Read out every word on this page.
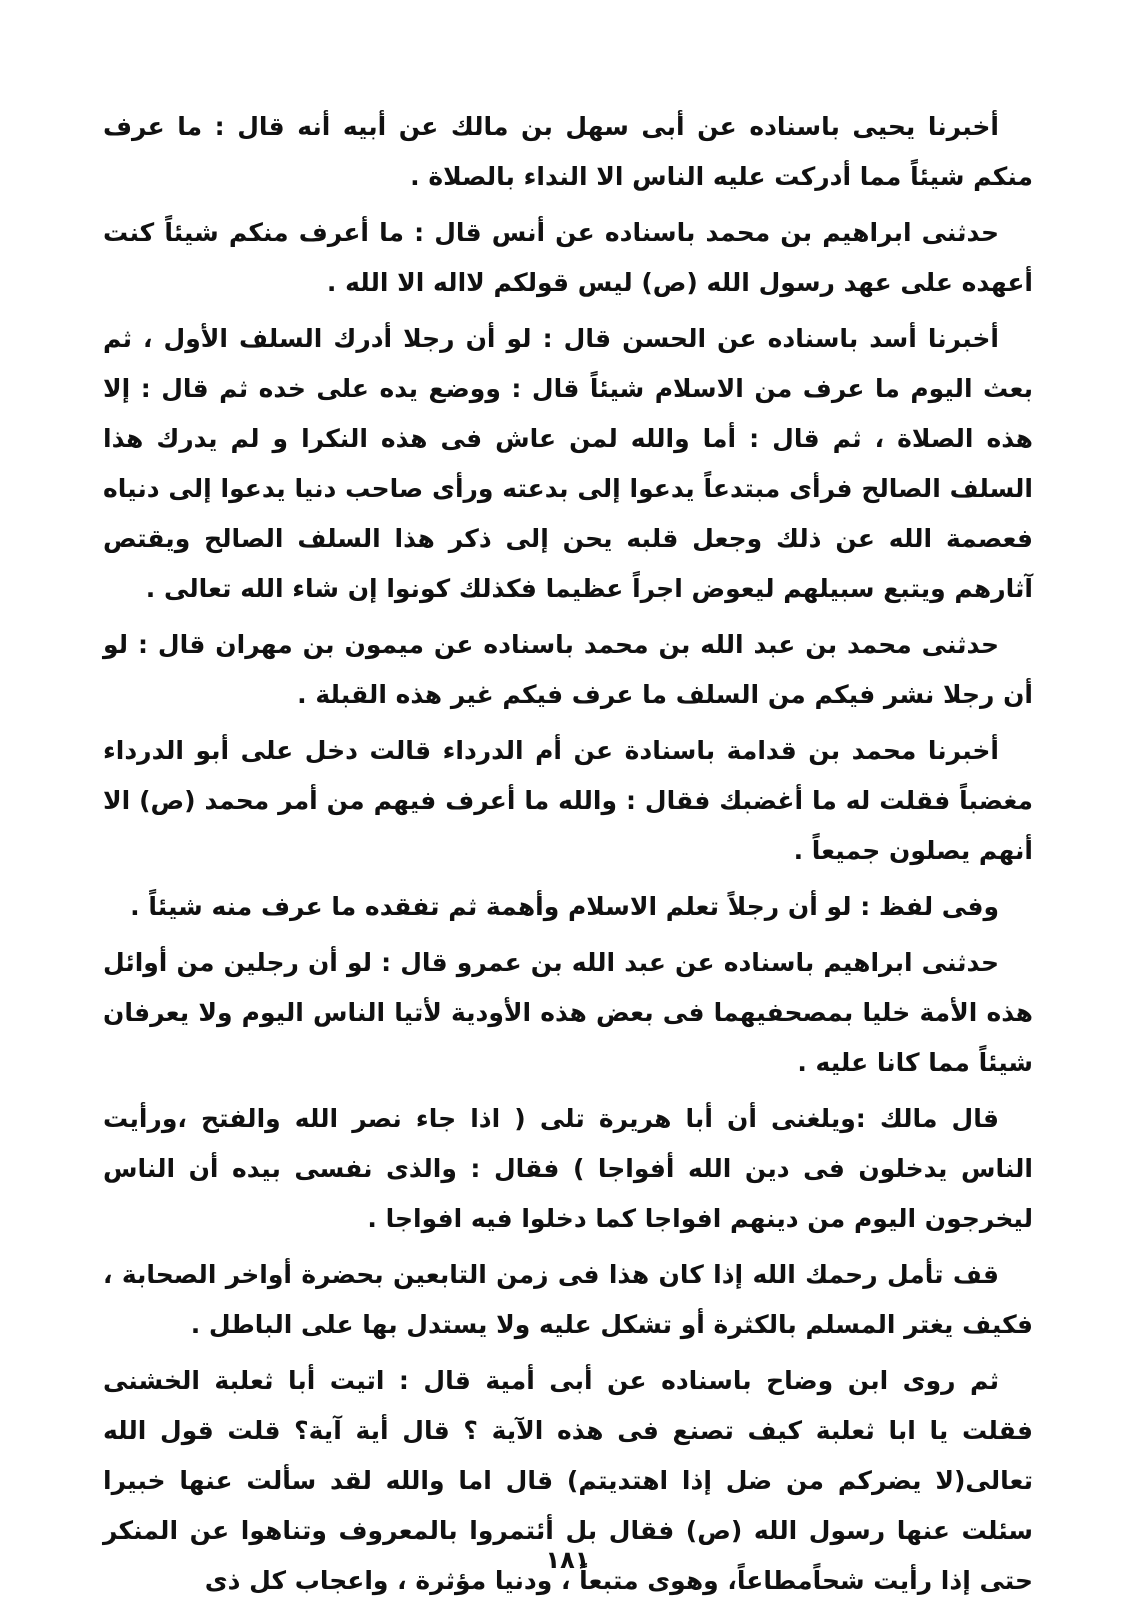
أخبرنا يحيى باسناده عن أبى سهل بن مالك عن أبيه أنه قال : ما عرف منكم شيئاً مما أدركت عليه الناس الا النداء بالصلاة .

حدثنى ابراهيم بن محمد باسناده عن أنس قال : ما أعرف منكم شيئاً كنت أعهده على عهد رسول الله (ص) ليس قولكم لااله الا الله .

أخبرنا أسد باسناده عن الحسن قال : لو أن رجلا أدرك السلف الأول ، ثم بعث اليوم ما عرف من الاسلام شيئاً قال : ووضع يده على خده ثم قال : إلا هذه الصلاة ، ثم قال : أما والله لمن عاش فى هذه النكرا و لم يدرك هذا السلف الصالح فرأى مبتدعاً يدعوا إلى بدعته ورأى صاحب دنيا يدعوا إلى دنياه فعصمة الله عن ذلك وجعل قلبه يحن إلى ذكر هذا السلف الصالح ويقتص آثارهم ويتبع سبيلهم ليعوض اجراً عظيما فكذلك كونوا إن شاء الله تعالى .

حدثنى محمد بن عبد الله بن محمد باسناده عن ميمون بن مهران قال : لو أن رجلا نشر فيكم من السلف ما عرف فيكم غير هذه القبلة .

أخبرنا محمد بن قدامة باسنادة عن أم الدرداء قالت دخل على أبو الدرداء مغضباً فقلت له ما أغضبك فقال : والله ما أعرف فيهم من أمر محمد (ص) الا أنهم يصلون جميعاً .

وفى لفظ : لو أن رجلاً تعلم الاسلام وأهمة ثم تفقده ما عرف منه شيئاً .

حدثنى ابراهيم باسناده عن عبد الله بن عمرو قال : لو أن رجلين من أوائل هذه الأمة خليا بمصحفيهما فى بعض هذه الأودية لأتيا الناس اليوم ولا يعرفان شيئاً مما كانا عليه .

قال مالك :ويلغنى أن أبا هريرة تلى ( اذا جاء نصر الله والفتح ،ورأيت الناس يدخلون فى دين الله أفواجا ) فقال : والذى نفسى بيده أن الناس ليخرجون اليوم من دينهم افواجا كما دخلوا فيه افواجا .

قف تأمل رحمك الله إذا كان هذا فى زمن التابعين بحضرة أواخر الصحابة ، فكيف يغتر المسلم بالكثرة أو تشكل عليه ولا يستدل بها على الباطل .

ثم روى ابن وضاح باسناده عن أبى أمية قال : اتيت أبا ثعلبة الخشنى فقلت يا ابا ثعلبة كيف تصنع فى هذه الآية ؟ قال أية آية؟ قلت قول الله تعالى(لا يضركم من ضل إذا اهتديتم) قال اما والله لقد سألت عنها خبيرا سئلت عنها رسول الله (ص) فقال بل أئتمروا بالمعروف وتناهوا عن المنكر حتى إذا رأيت شحاًمطاعاً، وهوى متبعاً ، ودنيا مؤثرة ، واعجاب كل ذى

١٨١
